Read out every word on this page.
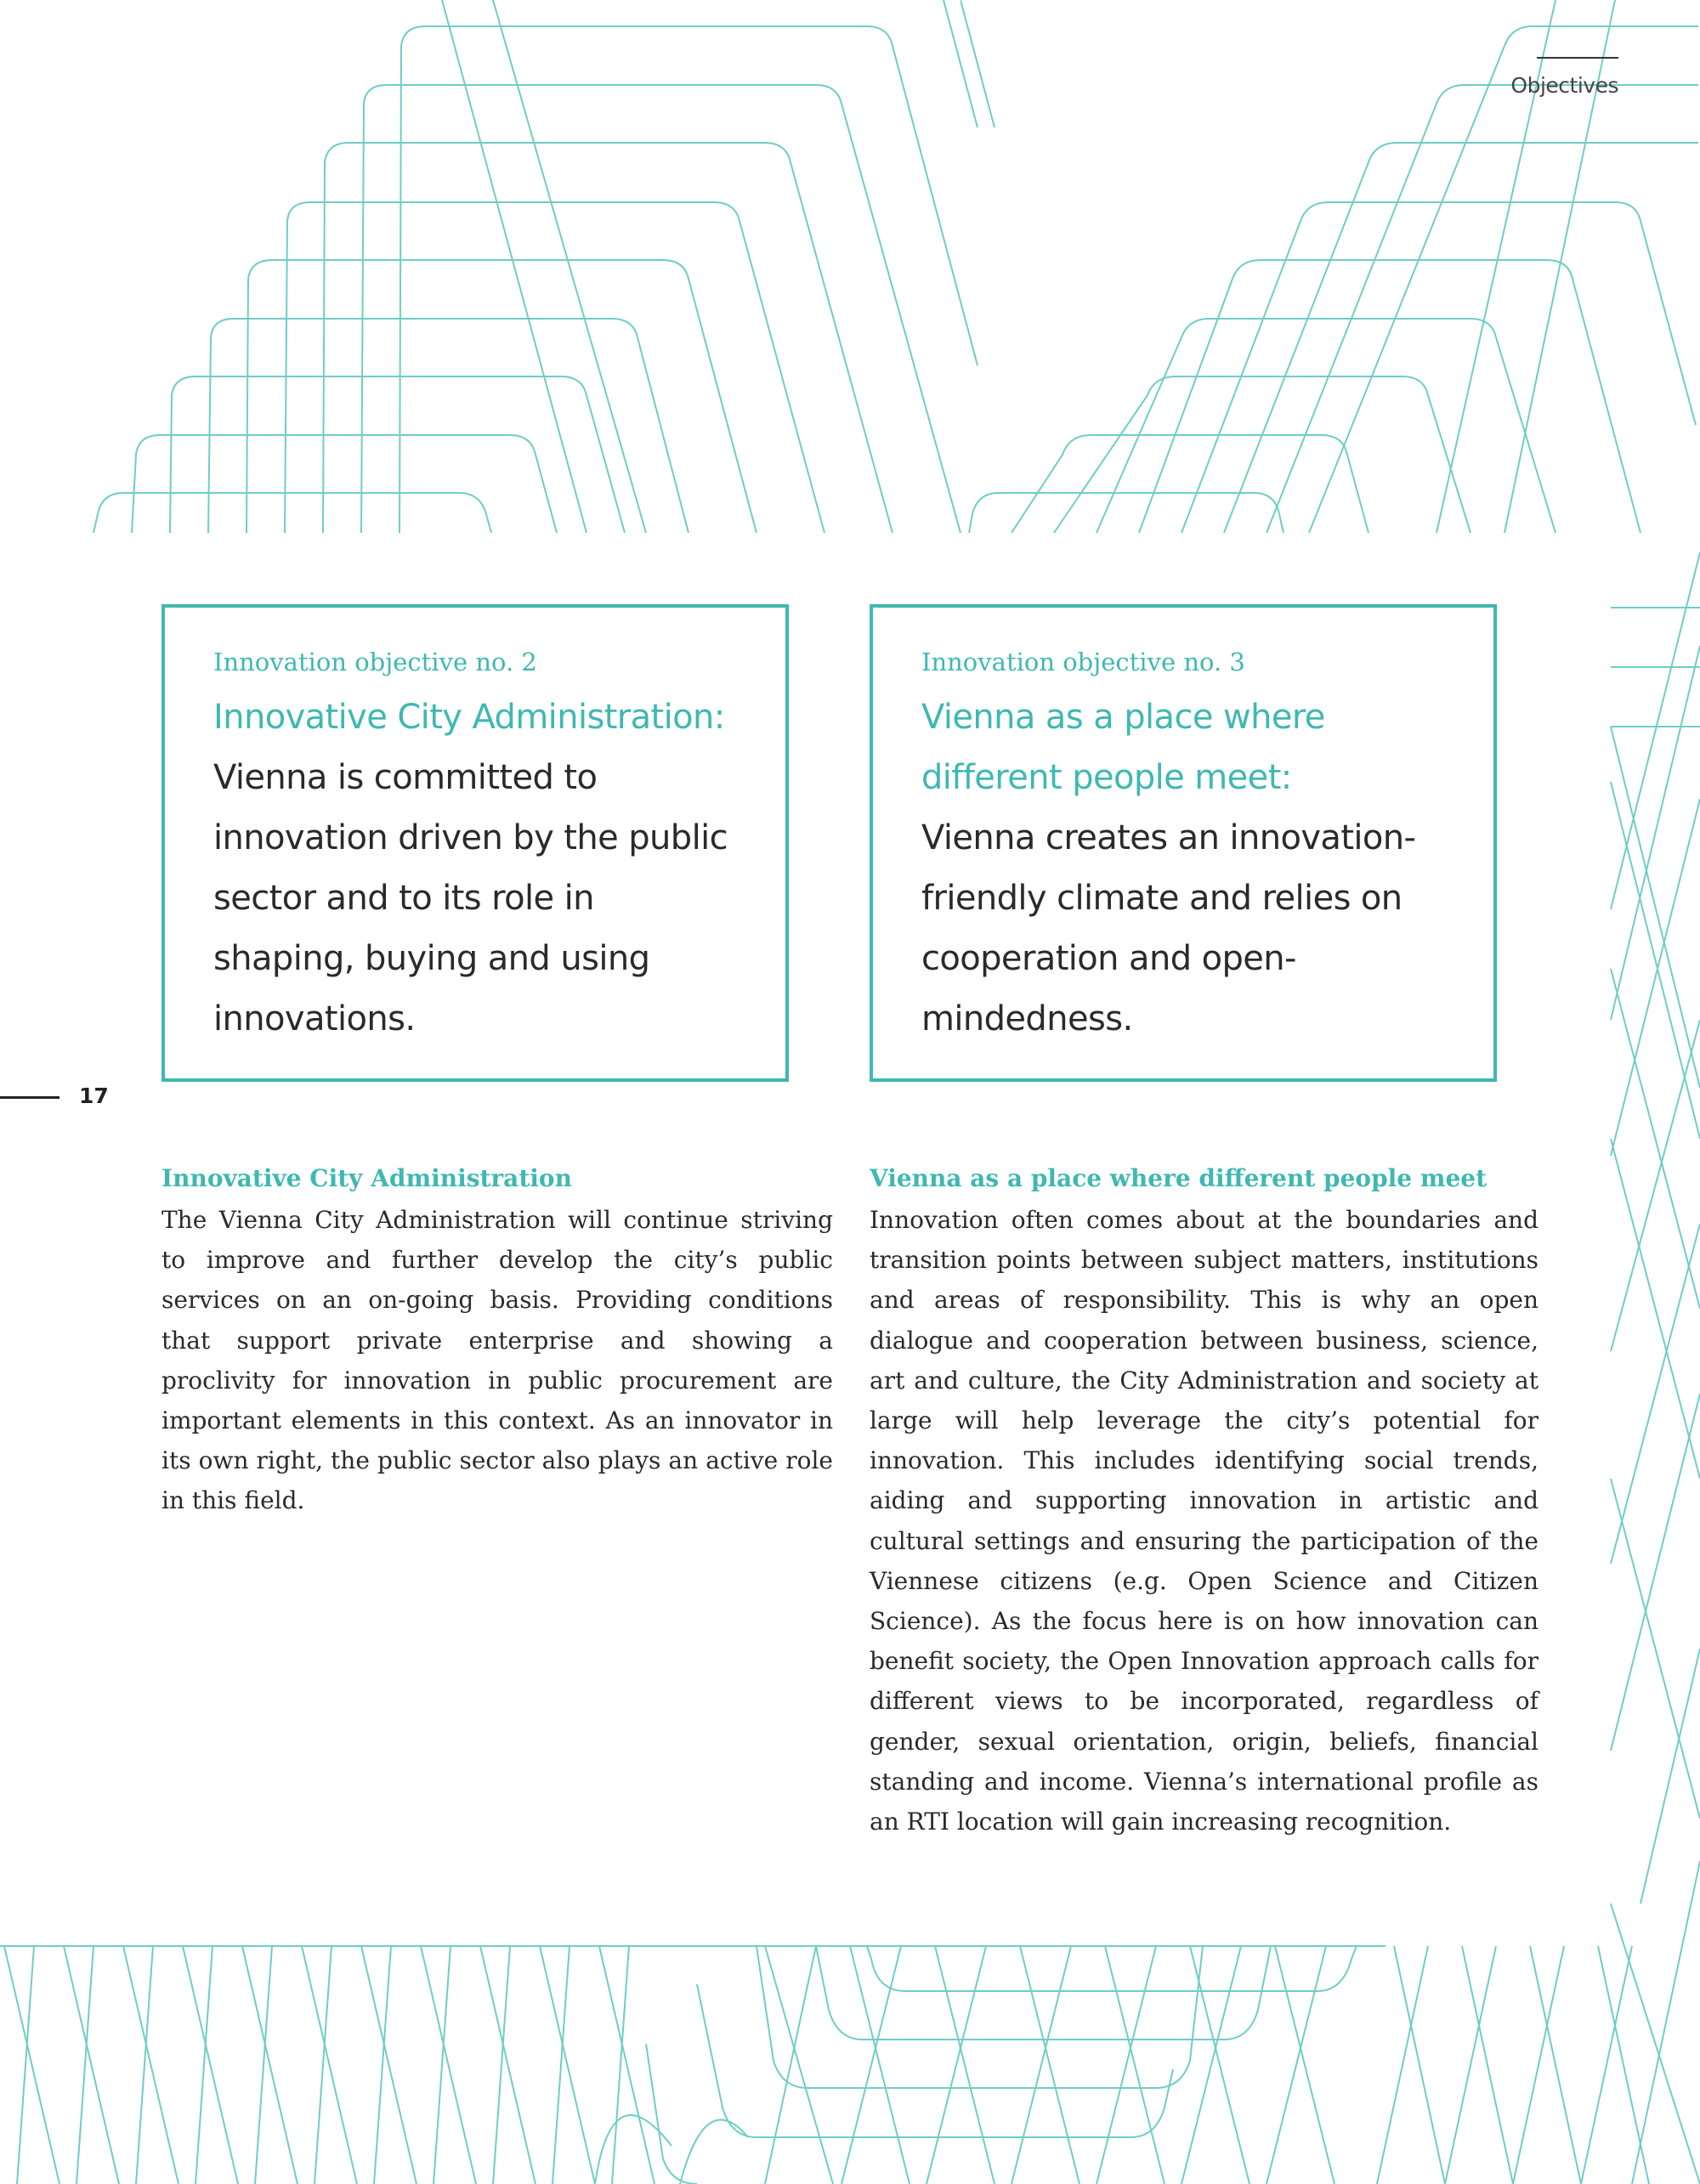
Objectives
17
Innovation objective no. 2

Innovative City Administration:
Vienna is committed to innovation driven by the public sector and to its role in shaping, buying and using innovations.

Innovation objective no. 3

Vienna as a place where different people meet:
Vienna creates an innovation-friendly climate and relies on cooperation and open-mindedness.

Innovative City Administration

The Vienna City Administration will continue striving to improve and further develop the city’s public services on an on-going basis. Providing conditions that support private enterprise and showing a proclivity for innovation in public procurement are important elements in this context. As an innovator in its own right, the public sector also plays an active role in this field.

Vienna as a place where different people meet

Innovation often comes about at the boundaries and transition points between subject matters, institutions and areas of responsibility. This is why an open dialogue and cooperation between business, science, art and culture, the City Administration and society at large will help leverage the city’s potential for innovation. This includes identifying social trends, aiding and supporting innovation in artistic and cultural settings and ensuring the participation of the Viennese citizens (e.g. Open Science and Citizen Science). As the focus here is on how innovation can benefit society, the Open Innovation approach calls for different views to be incorporated, regardless of gender, sexual orientation, origin, beliefs, financial standing and income. Vienna’s international profile as an RTI location will gain increasing recognition.
